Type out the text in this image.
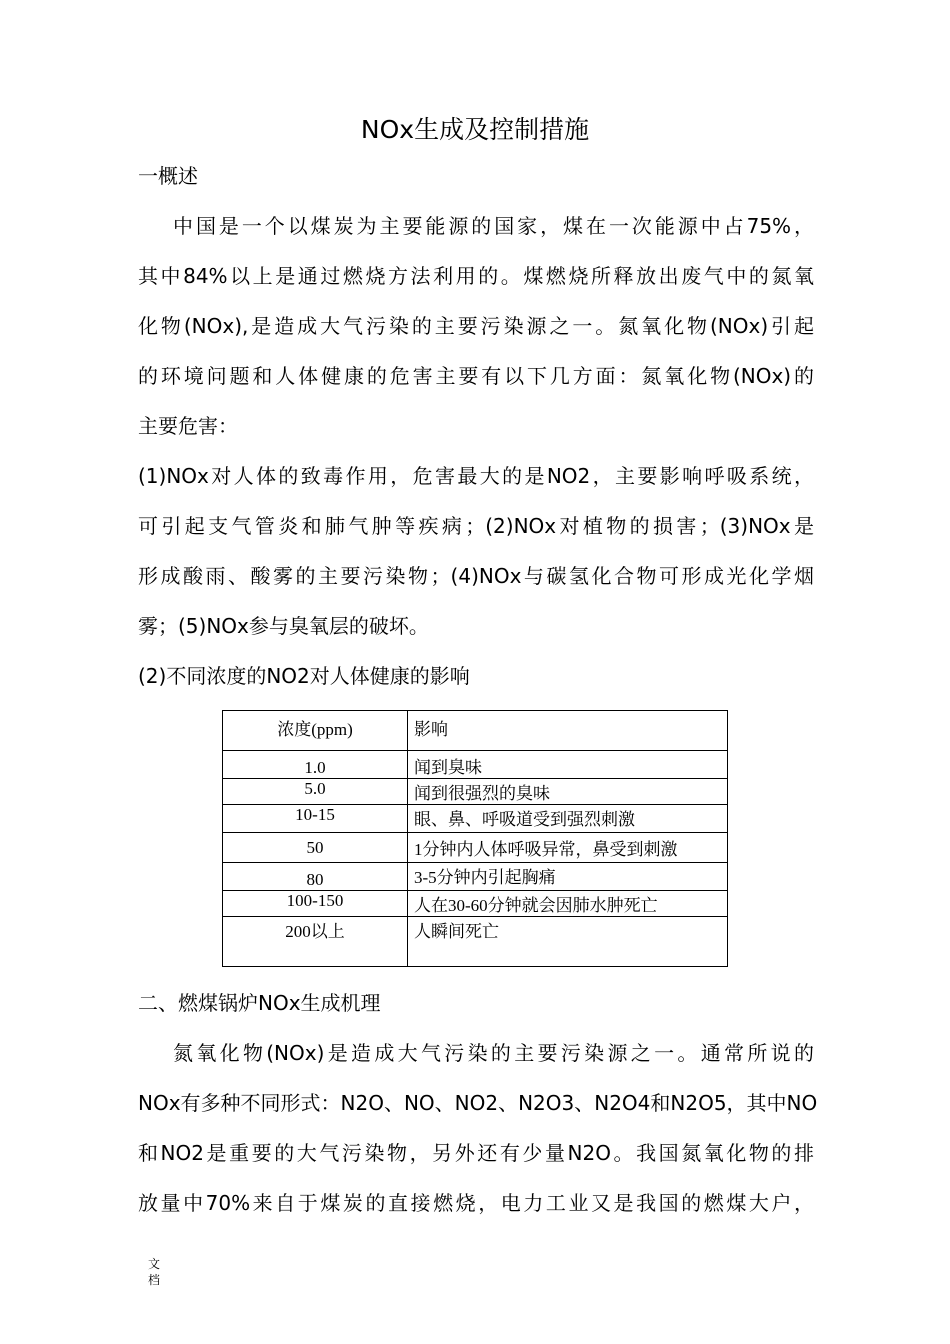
NOx生成及控制措施
一概述
中国是一个以煤炭为主要能源的国家，煤在一次能源中占75%，
其中84%以上是通过燃烧方法利用的。煤燃烧所释放出废气中的氮氧
化物(NOx),是造成大气污染的主要污染源之一。氮氧化物(NOx)引起
的环境问题和人体健康的危害主要有以下几方面：氮氧化物(NOx)的
主要危害：
(1)NOx对人体的致毒作用，危害最大的是NO2，主要影响呼吸系统，
可引起支气管炎和肺气肿等疾病；(2)NOx对植物的损害；(3)NOx是
形成酸雨、酸雾的主要污染物；(4)NOx与碳氢化合物可形成光化学烟
雾；(5)NOx参与臭氧层的破坏。
(2)不同浓度的NO2对人体健康的影响
浓度(ppm)	影响
1.0	闻到臭味
5.0	闻到很强烈的臭味
10-15	眼、鼻、呼吸道受到强烈刺激
50	1分钟内人体呼吸异常，鼻受到刺激
80	3-5分钟内引起胸痛
100-150	人在30-60分钟就会因肺水肿死亡
200以上	人瞬间死亡
二、燃煤锅炉NOx生成机理
氮氧化物(NOx)是造成大气污染的主要污染源之一。通常所说的
NOx有多种不同形式：N2O、NO、NO2、N2O3、N2O4和N2O5，其中NO
和NO2是重要的大气污染物，另外还有少量N2O。我国氮氧化物的排
放量中70%来自于煤炭的直接燃烧，电力工业又是我国的燃煤大户，
文
档
